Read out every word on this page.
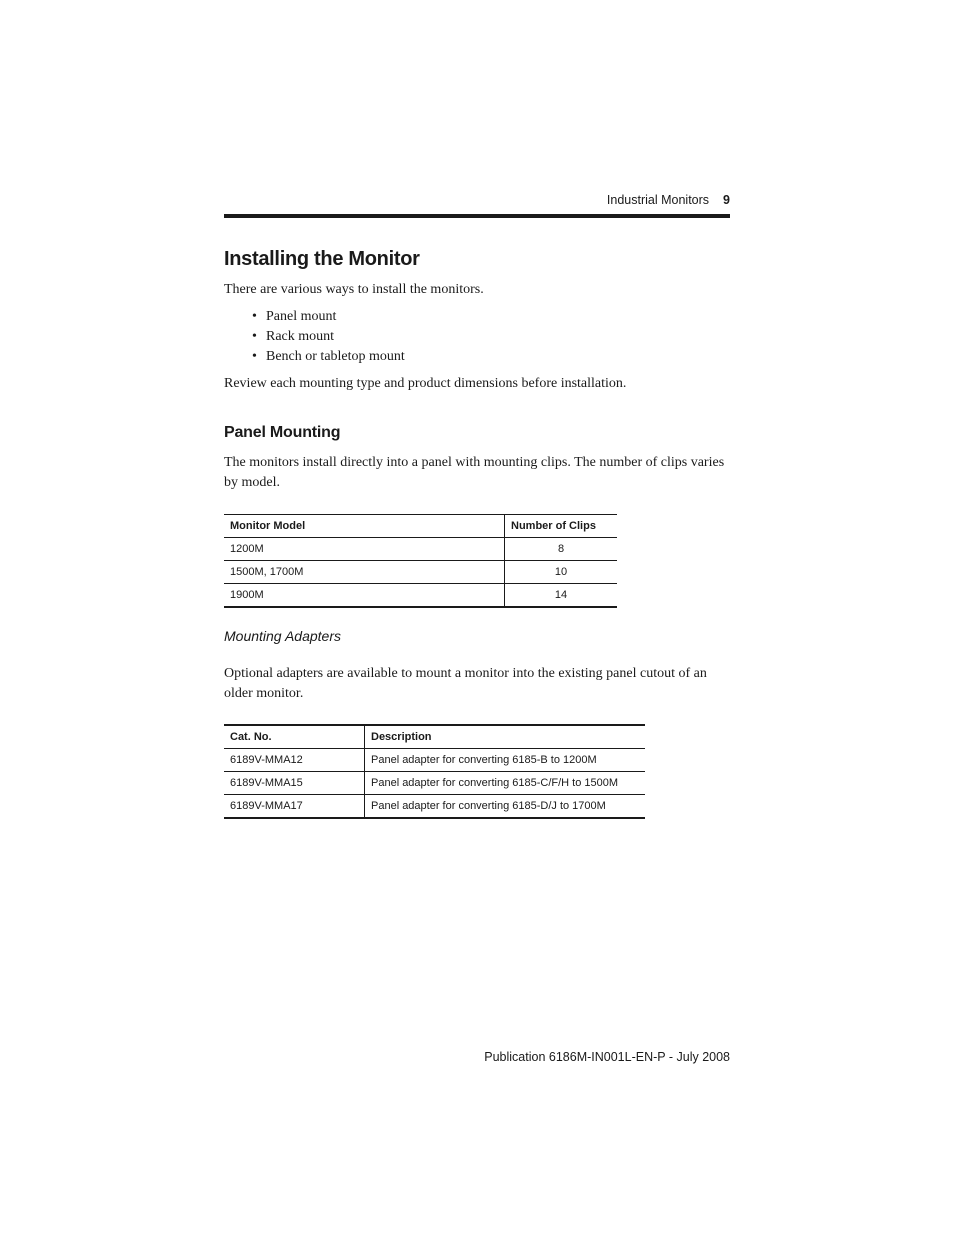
Industrial Monitors 9
Installing the Monitor

There are various ways to install the monitors.

• Panel mount
• Rack mount
• Bench or tabletop mount

Review each mounting type and product dimensions before installation.

Panel Mounting

The monitors install directly into a panel with mounting clips. The number of clips varies by model.

Monitor Model	Number of Clips
1200M	8
1500M, 1700M	10
1900M	14
Mounting Adapters

Optional adapters are available to mount a monitor into the existing panel cutout of an older monitor.

Cat. No.	Description
6189V-MMA12	Panel adapter for converting 6185-B to 1200M
6189V-MMA15	Panel adapter for converting 6185-C/F/H to 1500M
6189V-MMA17	Panel adapter for converting 6185-D/J to 1700M
Publication 6186M-IN001L-EN-P - July 2008
